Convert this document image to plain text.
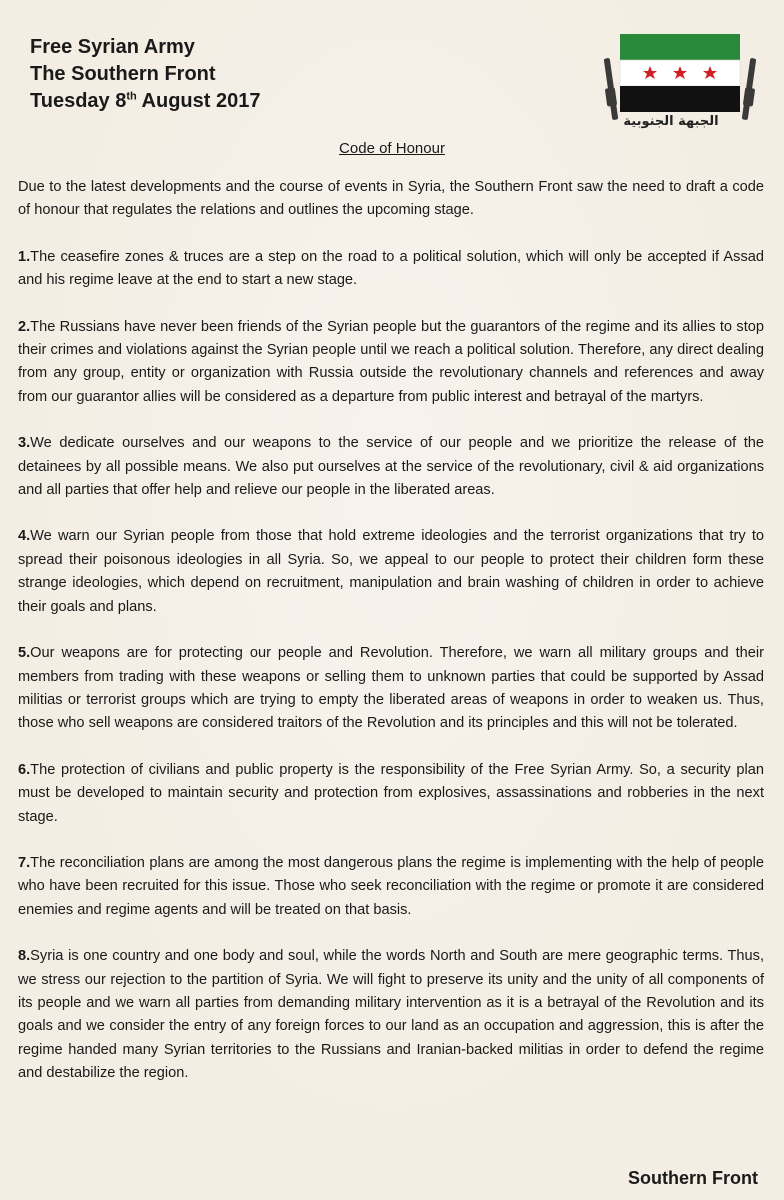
Free Syrian Army
The Southern Front
Tuesday 8th August 2017
الجبهة الجنوبية
Code of Honour

Due to the latest developments and the course of events in Syria, the Southern Front saw the need to draft a code of honour that regulates the relations and outlines the upcoming stage.

1.The ceasefire zones & truces are a step on the road to a political solution, which will only be accepted if Assad and his regime leave at the end to start a new stage.

2.The Russians have never been friends of the Syrian people but the guarantors of the regime and its allies to stop their crimes and violations against the Syrian people until we reach a political solution. Therefore, any direct dealing from any group, entity or organization with Russia outside the revolutionary channels and references and away from our guarantor allies will be considered as a departure from public interest and betrayal of the martyrs.

3.We dedicate ourselves and our weapons to the service of our people and we prioritize the release of the detainees by all possible means. We also put ourselves at the service of the revolutionary, civil & aid organizations and all parties that offer help and relieve our people in the liberated areas.

4.We warn our Syrian people from those that hold extreme ideologies and the terrorist organizations that try to spread their poisonous ideologies in all Syria. So, we appeal to our people to protect their children form these strange ideologies, which depend on recruitment, manipulation and brain washing of children in order to achieve their goals and plans.

5.Our weapons are for protecting our people and Revolution. Therefore, we warn all military groups and their members from trading with these weapons or selling them to unknown parties that could be supported by Assad militias or terrorist groups which are trying to empty the liberated areas of weapons in order to weaken us. Thus, those who sell weapons are considered traitors of the Revolution and its principles and this will not be tolerated.

6.The protection of civilians and public property is the responsibility of the Free Syrian Army. So, a security plan must be developed to maintain security and protection from explosives, assassinations and robberies in the next stage.

7.The reconciliation plans are among the most dangerous plans the regime is implementing with the help of people who have been recruited for this issue. Those who seek reconciliation with the regime or promote it are considered enemies and regime agents and will be treated on that basis.

8.Syria is one country and one body and soul, while the words North and South are mere geographic terms. Thus, we stress our rejection to the partition of Syria. We will fight to preserve its unity and the unity of all components of its people and we warn all parties from demanding military intervention as it is a betrayal of the Revolution and its goals and we consider the entry of any foreign forces to our land as an occupation and aggression, this is after the regime handed many Syrian territories to the Russians and Iranian-backed militias in order to defend the regime and destabilize the region.

Southern Front
